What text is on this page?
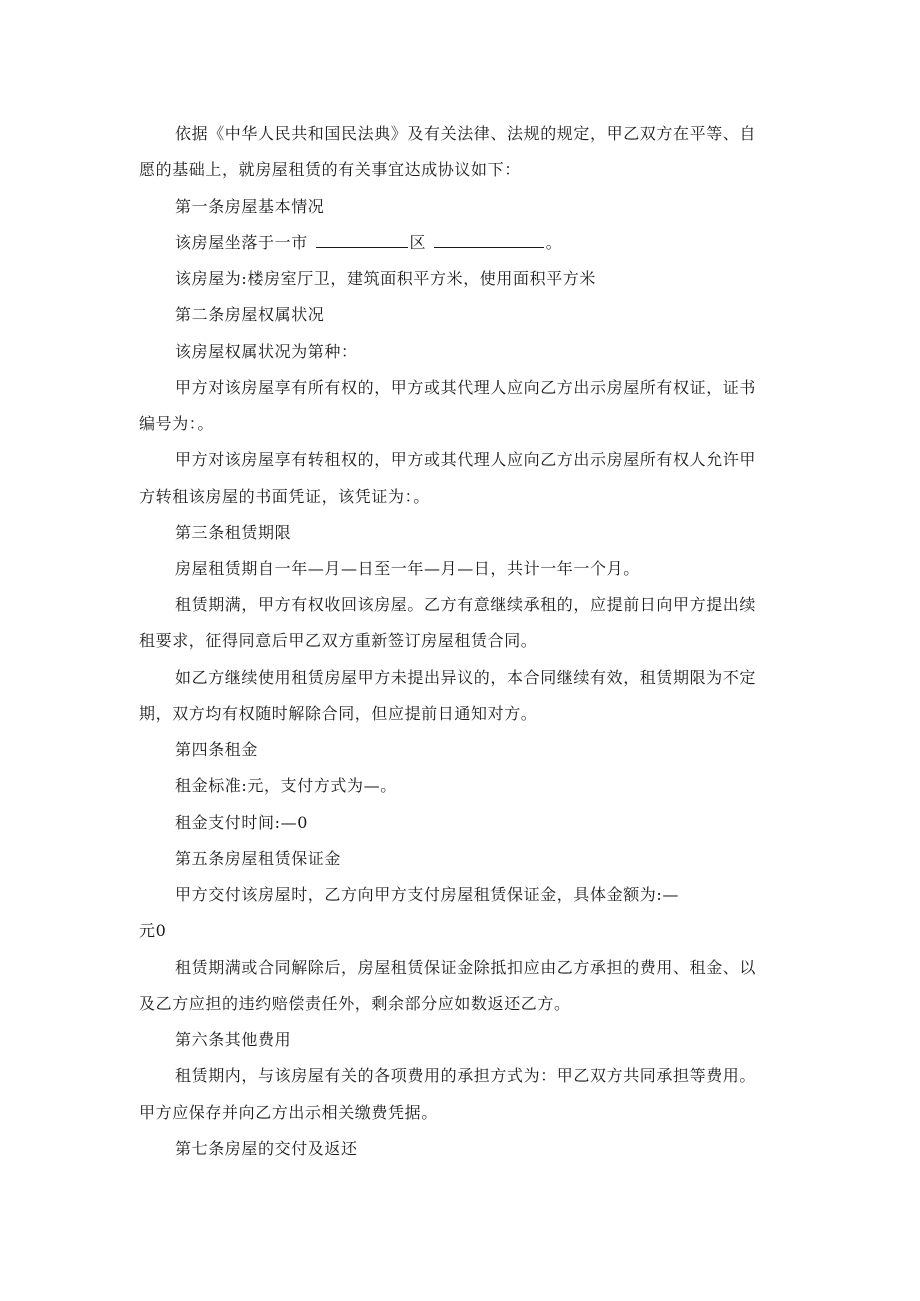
依据《中华人民共和国民法典》及有关法律、法规的规定，甲乙双方在平等、自
愿的基础上，就房屋租赁的有关事宜达成协议如下：
第一条房屋基本情况
该房屋坐落于一市	区	。
该房屋为:楼房室厅卫，建筑面积平方米，使用面积平方米
第二条房屋权属状况
该房屋权属状况为第种：
甲方对该房屋享有所有权的，甲方或其代理人应向乙方出示房屋所有权证，证书
编号为：。
甲方对该房屋享有转租权的，甲方或其代理人应向乙方出示房屋所有权人允许甲
方转租该房屋的书面凭证，该凭证为：。
第三条租赁期限
房屋租赁期自一年—月—日至一年—月—日，共计一年一个月。
租赁期满，甲方有权收回该房屋。乙方有意继续承租的，应提前日向甲方提出续
租要求，征得同意后甲乙双方重新签订房屋租赁合同。
如乙方继续使用租赁房屋甲方未提出异议的，本合同继续有效，租赁期限为不定
期，双方均有权随时解除合同，但应提前日通知对方。
第四条租金
租金标准:元，支付方式为—。
租金支付时间:—0
第五条房屋租赁保证金
甲方交付该房屋时，乙方向甲方支付房屋租赁保证金，具体金额为:—
元0
租赁期满或合同解除后，房屋租赁保证金除抵扣应由乙方承担的费用、租金、以
及乙方应担的违约赔偿责任外，剩余部分应如数返还乙方。
第六条其他费用
租赁期内，与该房屋有关的各项费用的承担方式为：甲乙双方共同承担等费用。
甲方应保存并向乙方出示相关缴费凭据。
第七条房屋的交付及返还
